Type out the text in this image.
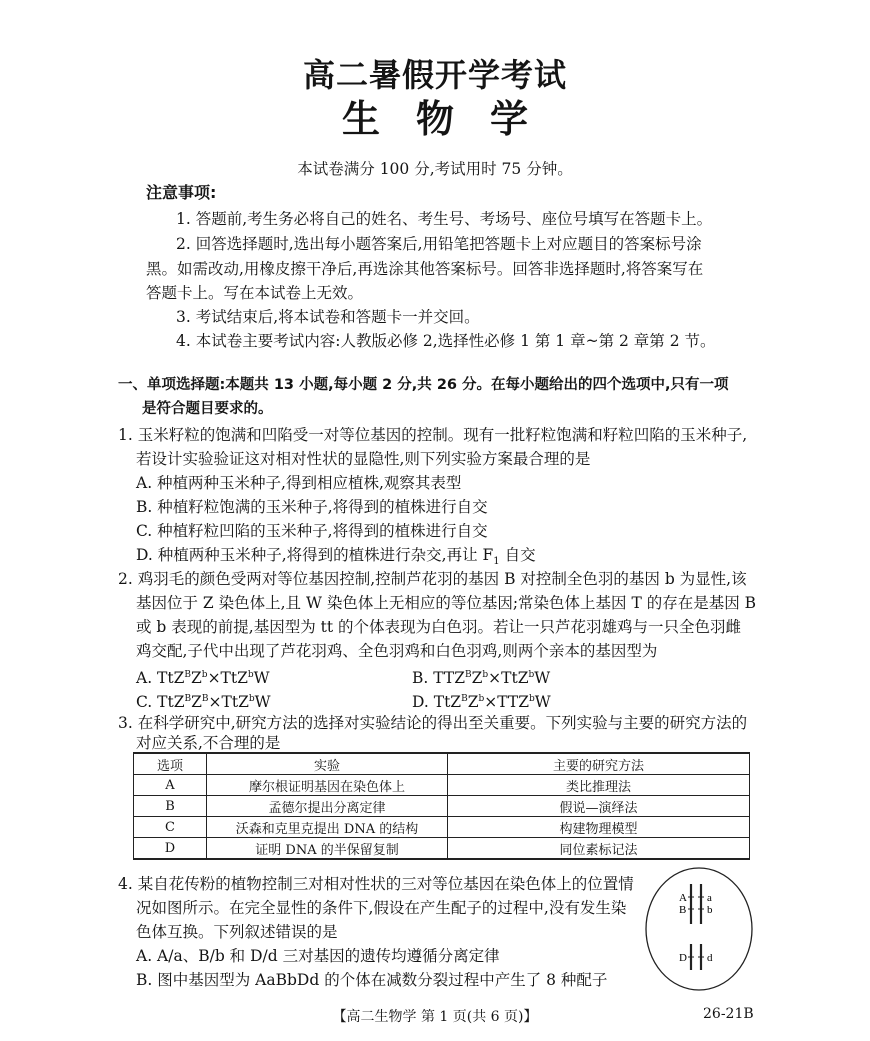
高二暑假开学考试
生物学
本试卷满分 100 分,考试用时 75 分钟。
注意事项:
1. 答题前,考生务必将自己的姓名、考生号、考场号、座位号填写在答题卡上。
2. 回答选择题时,选出每小题答案后,用铅笔把答题卡上对应题目的答案标号涂
黑。如需改动,用橡皮擦干净后,再选涂其他答案标号。回答非选择题时,将答案写在
答题卡上。写在本试卷上无效。
3. 考试结束后,将本试卷和答题卡一并交回。
4. 本试卷主要考试内容:人教版必修 2,选择性必修 1 第 1 章~第 2 章第 2 节。
一、单项选择题:本题共 13 小题,每小题 2 分,共 26 分。在每小题给出的四个选项中,只有一项
是符合题目要求的。
1. 玉米籽粒的饱满和凹陷受一对等位基因的控制。现有一批籽粒饱满和籽粒凹陷的玉米种子,
若设计实验验证这对相对性状的显隐性,则下列实验方案最合理的是
A. 种植两种玉米种子,得到相应植株,观察其表型
B. 种植籽粒饱满的玉米种子,将得到的植株进行自交
C. 种植籽粒凹陷的玉米种子,将得到的植株进行自交
D. 种植两种玉米种子,将得到的植株进行杂交,再让 $F_1$ 自交
2. 鸡羽毛的颜色受两对等位基因控制,控制芦花羽的基因 B 对控制全色羽的基因 b 为显性,该
基因位于 Z 染色体上,且 W 染色体上无相应的等位基因;常染色体上基因 T 的存在是基因 B
或 b 表现的前提,基因型为 tt 的个体表现为白色羽。若让一只芦花羽雄鸡与一只全色羽雌
鸡交配,子代中出现了芦花羽鸡、全色羽鸡和白色羽鸡,则两个亲本的基因型为
A. $TtZ^BZ^b\times TtZ^bW$	B. $TTZ^BZ^b\times TtZ^bW$
C. $TtZ^BZ^B\times TtZ^bW$	D. $TtZ^BZ^b\times TTZ^bW$
3. 在科学研究中,研究方法的选择对实验结论的得出至关重要。下列实验与主要的研究方法的
对应关系,不合理的是
选项	实验	主要的研究方法
A	摩尔根证明基因在染色体上	类比推理法
B	孟德尔提出分离定律	假说—演绎法
C	沃森和克里克提出 DNA 的结构	构建物理模型
D	证明 DNA 的半保留复制	同位素标记法
4. 某自花传粉的植物控制三对相对性状的三对等位基因在染色体上的位置情
况如图所示。在完全显性的条件下,假设在产生配子的过程中,没有发生染
色体互换。下列叙述错误的是
A. A/a、B/b 和 D/d 三对基因的遗传均遵循分离定律
B. 图中基因型为 AaBbDd 的个体在减数分裂过程中产生了 8 种配子
A a
B b
D d
【高二生物学 第 1 页(共 6 页)】	26-21B
